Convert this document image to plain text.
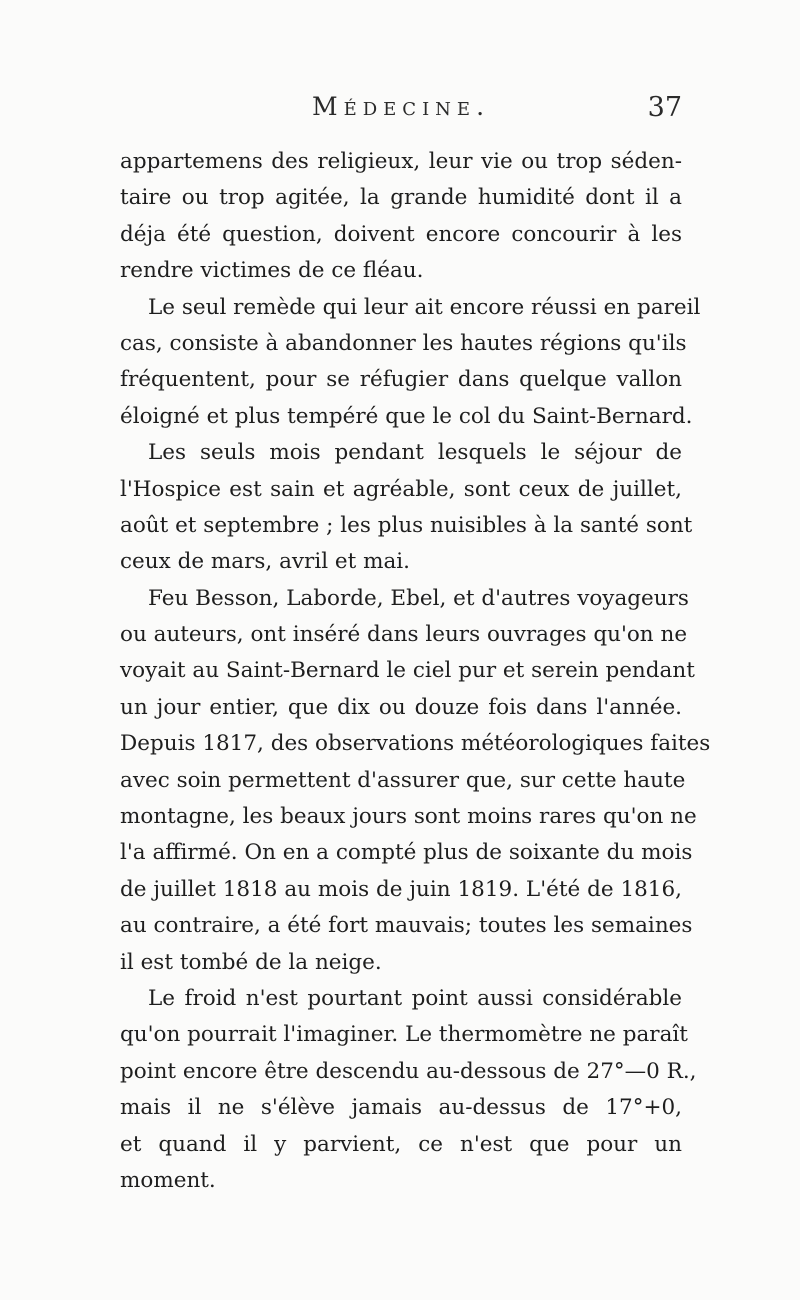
Médecine.	37
appartemens des religieux, leur vie ou trop séden-
taire ou trop agitée, la grande humidité dont il a
déja été question, doivent encore concourir à les
rendre victimes de ce fléau.
Le seul remède qui leur ait encore réussi en pareil
cas, consiste à abandonner les hautes régions qu'ils
fréquentent, pour se réfugier dans quelque vallon
éloigné et plus tempéré que le col du Saint-Bernard.
Les seuls mois pendant lesquels le séjour de
l'Hospice est sain et agréable, sont ceux de juillet,
août et septembre ; les plus nuisibles à la santé sont
ceux de mars, avril et mai.
Feu Besson, Laborde, Ebel, et d'autres voyageurs
ou auteurs, ont inséré dans leurs ouvrages qu'on ne
voyait au Saint-Bernard le ciel pur et serein pendant
un jour entier, que dix ou douze fois dans l'année.
Depuis 1817, des observations météorologiques faites
avec soin permettent d'assurer que, sur cette haute
montagne, les beaux jours sont moins rares qu'on ne
l'a affirmé. On en a compté plus de soixante du mois
de juillet 1818 au mois de juin 1819. L'été de 1816,
au contraire, a été fort mauvais; toutes les semaines
il est tombé de la neige.
Le froid n'est pourtant point aussi considérable
qu'on pourrait l'imaginer. Le thermomètre ne paraît
point encore être descendu au-dessous de 27°—0 R.,
mais il ne s'élève jamais au-dessus de 17°+0,
et quand il y parvient, ce n'est que pour un
moment.
